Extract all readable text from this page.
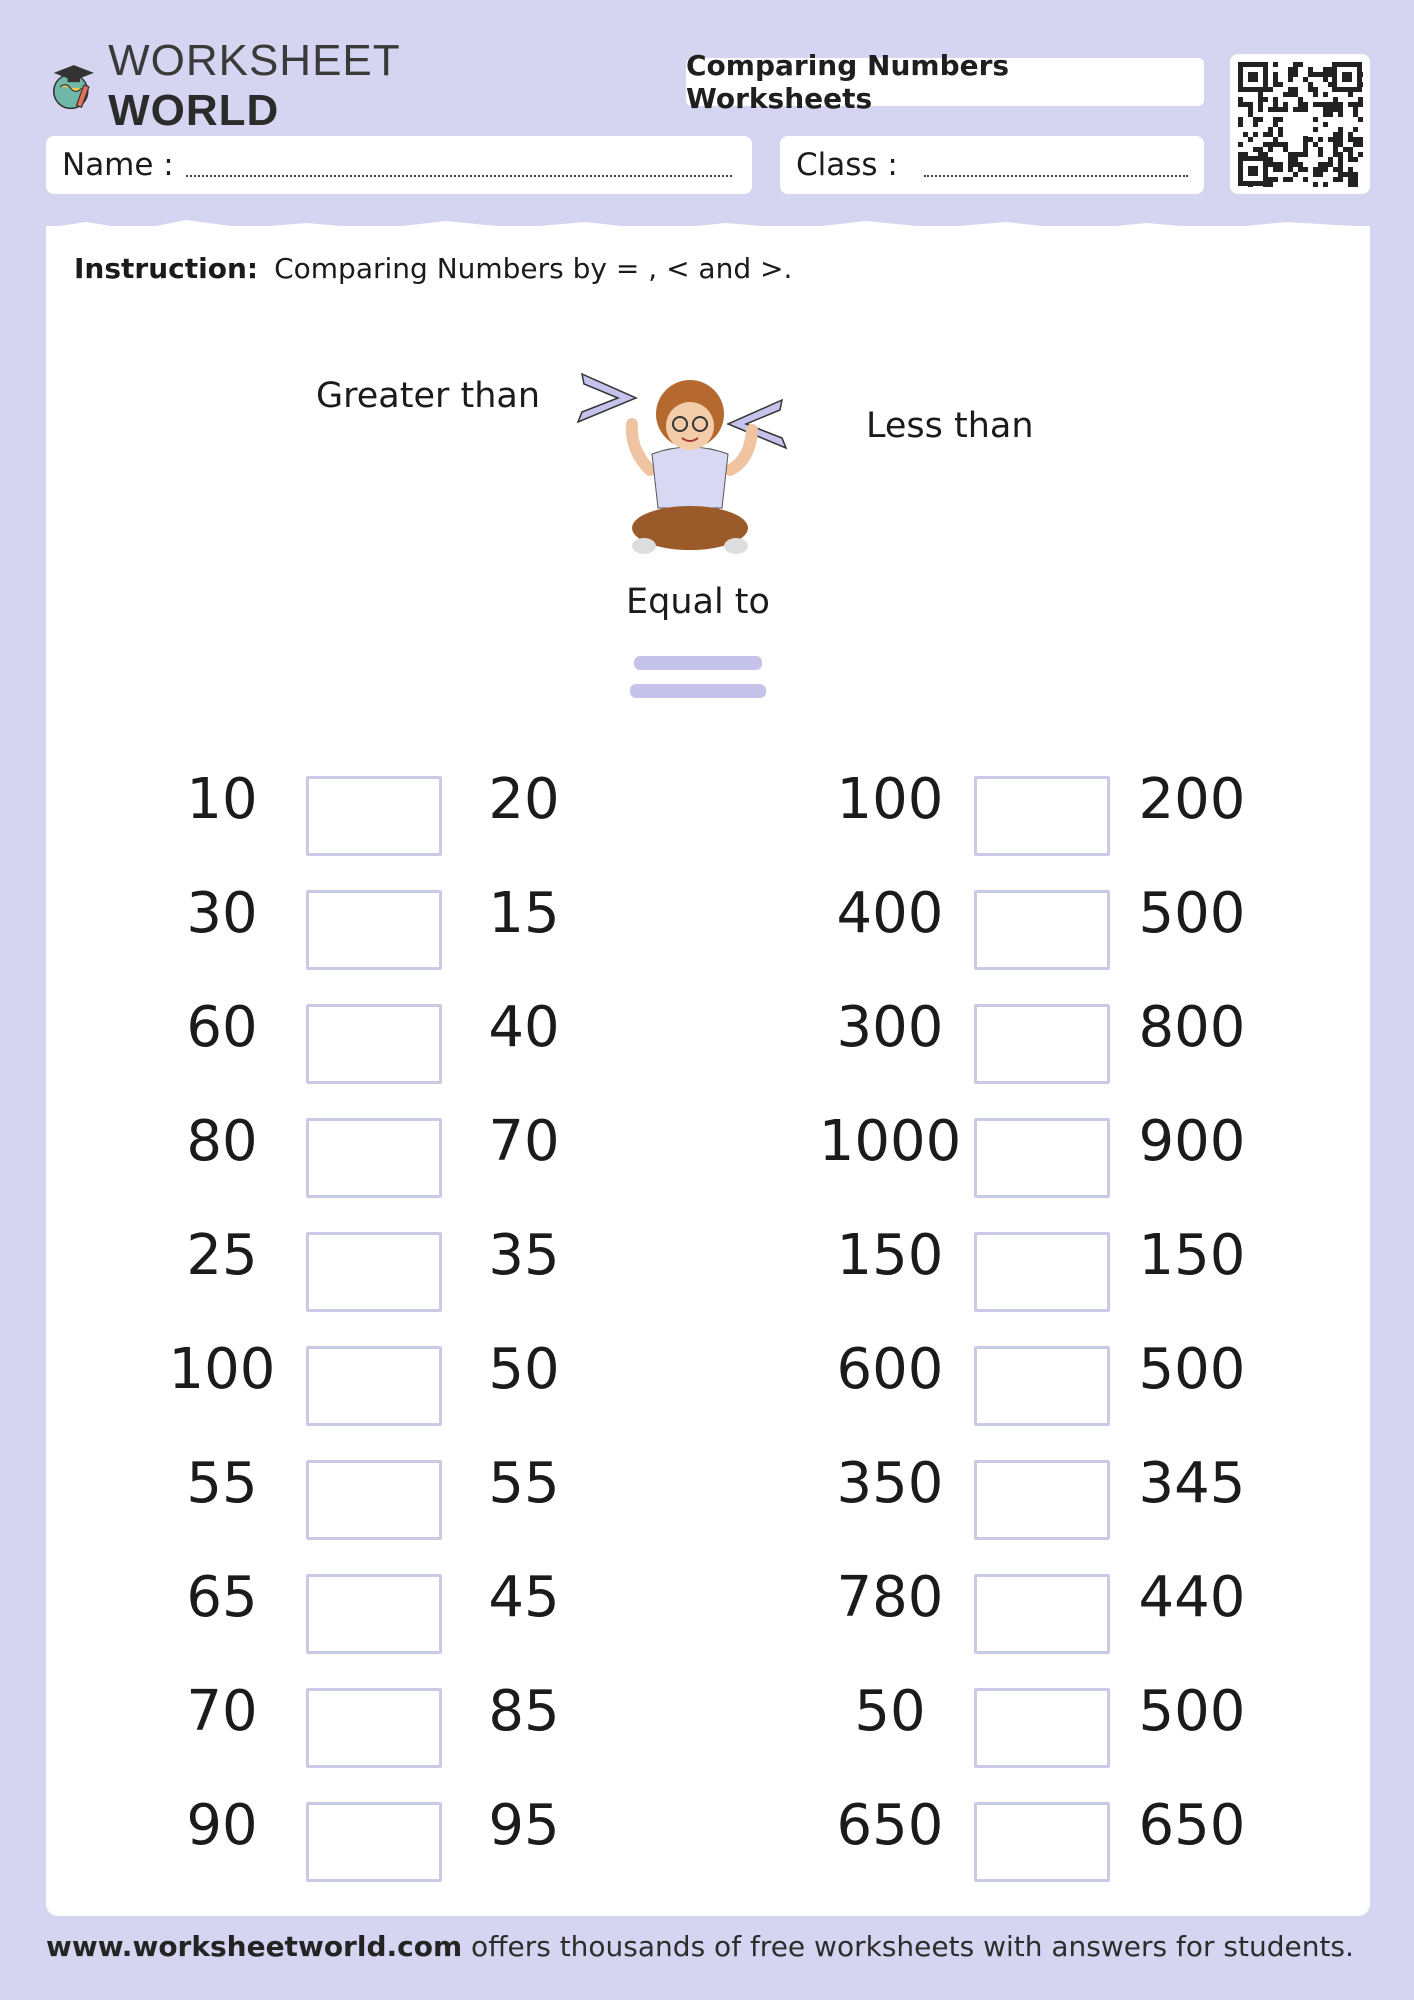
WORKSHEET WORLD
Comparing Numbers Worksheets
Name :	Class :
Instruction: Comparing Numbers by = , < and >.
Greater than
Less than
Equal to
10	20
30	15
60	40
80	70
25	35
100	50
55	55
65	45
70	85
90	95
100	200
400	500
300	800
1000	900
150	150
600	500
350	345
780	440
50	500
650	650
www.worksheetworld.com offers thousands of free worksheets with answers for students.
